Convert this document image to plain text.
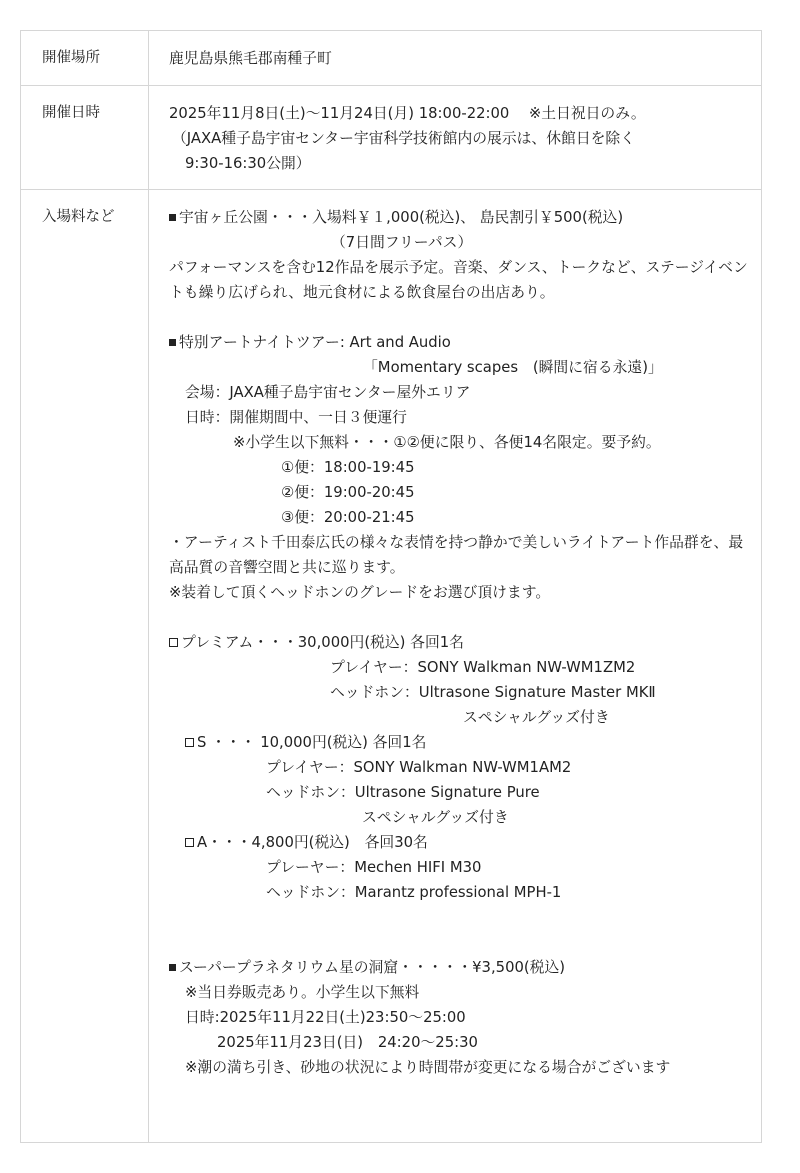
開催場所	鹿児島県熊毛郡南種子町
開催日時	2025年11月8日(土)〜11月24日(月) 18:00-22:00　 ※土日祝日のみ。
（JAXA種子島宇宙センター宇宙科学技術館内の展示は、休館日を除く
9:30-16:30公開）
入場料など	宇宙ヶ丘公園・・・入場料￥１,000(税込)、 島民割引￥500(税込)
（7日間フリーパス）
パフォーマンスを含む12作品を展示予定。音楽、ダンス、トークなど、ステージイベントも繰り広げられ、地元食材による飲食屋台の出店あり。
特別アートナイトツアー: Art and Audio
「Momentary scapes　(瞬間に宿る永遠)」
会場：JAXA種子島宇宙センター屋外エリア
日時：開催期間中、一日３便運行
※小学生以下無料・・・①②便に限り、各便14名限定。要予約。
①便：18:00-19:45
②便：19:00-20:45
③便：20:00-21:45
・アーティスト千田泰広氏の様々な表情を持つ静かで美しいライトアート作品群を、最高品質の音響空間と共に巡ります。
※装着して頂くヘッドホンのグレードをお選び頂けます。
プレミアム・・・30,000円(税込) 各回1名
プレイヤー：SONY Walkman NW-WM1ZM2
ヘッドホン：Ultrasone Signature Master MKⅡ
スペシャルグッズ付き
S ・・・ 10,000円(税込) 各回1名
プレイヤー：SONY Walkman NW-WM1AM2
ヘッドホン：Ultrasone Signature Pure
スペシャルグッズ付き
A・・・4,800円(税込)　各回30名
プレーヤー：Mechen HIFI M30
ヘッドホン：Marantz professional MPH-1
スーパープラネタリウム星の洞窟・・・・・¥3,500(税込)
※当日券販売あり。小学生以下無料
日時:2025年11月22日(土)23:50〜25:00
2025年11月23日(日)　24:20〜25:30
※潮の満ち引き、砂地の状況により時間帯が変更になる場合がございます
